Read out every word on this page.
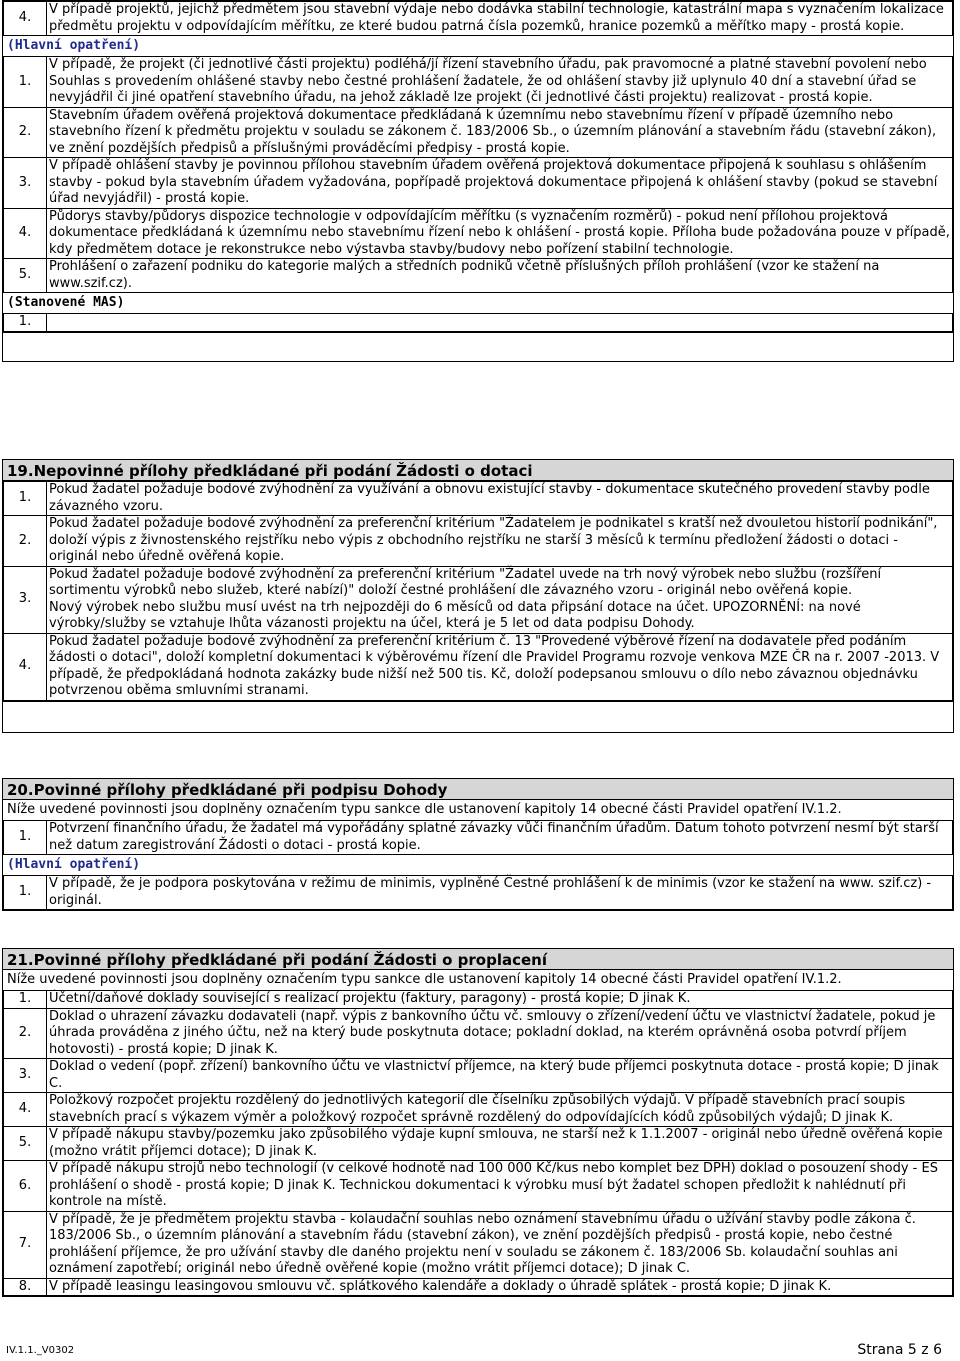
4.	V případě projektů, jejichž předmětem jsou stavební výdaje nebo dodávka stabilní technologie, katastrální mapa s vyznačením lokalizace předmětu projektu v odpovídajícím měřítku, ze které budou patrná čísla pozemků, hranice pozemků a měřítko mapy - prostá kopie.
(Hlavní opatření)
1.	V případě, že projekt (či jednotlivé části projektu) podléhá/jí řízení stavebního úřadu, pak pravomocné a platné stavební povolení nebo Souhlas s provedením ohlášené stavby nebo čestné prohlášení žadatele, že od ohlášení stavby již uplynulo 40 dní a stavební úřad se nevyjádřil či jiné opatření stavebního úřadu, na jehož základě lze projekt (či jednotlivé části projektu) realizovat - prostá kopie.
2.	Stavebním úřadem ověřená projektová dokumentace předkládaná k územnímu nebo stavebnímu řízení v případě územního nebo stavebního řízení k předmětu projektu v souladu se zákonem č. 183/2006 Sb., o územním plánování a stavebním řádu (stavební zákon), ve znění pozdějších předpisů a příslušnými prováděcími předpisy - prostá kopie.
3.	V případě ohlášení stavby je povinnou přílohou stavebním úřadem ověřená projektová dokumentace připojená k souhlasu s ohlášením stavby - pokud byla stavebním úřadem vyžadována, popřípadě projektová dokumentace připojená k ohlášení stavby (pokud se stavební úřad nevyjádřil) - prostá kopie.
4.	Půdorys stavby/půdorys dispozice technologie v odpovídajícím měřítku (s vyznačením rozměrů) - pokud není přílohou projektová dokumentace předkládaná k územnímu nebo stavebnímu řízení nebo k ohlášení - prostá kopie. Příloha bude požadována pouze v případě, kdy předmětem dotace je rekonstrukce nebo výstavba stavby/budovy nebo pořízení stabilní technologie.
5.	Prohlášení o zařazení podniku do kategorie malých a středních podniků včetně příslušných příloh prohlášení (vzor ke stažení na www.szif.cz).
(Stanovené MAS)
1.	
19.Nepovinné přílohy předkládané při podání Žádosti o dotaci
1.	Pokud žadatel požaduje bodové zvýhodnění za využívání a obnovu existující stavby - dokumentace skutečného provedení stavby podle závazného vzoru.
2.	Pokud žadatel požaduje bodové zvýhodnění za preferenční kritérium "Žadatelem je podnikatel s kratší než dvouletou historií podnikání", doloží výpis z živnostenského rejstříku nebo výpis z obchodního rejstříku ne starší 3 měsíců k termínu předložení žádosti o dotaci - originál nebo úředně ověřená kopie.
3.	Pokud žadatel požaduje bodové zvýhodnění za preferenční kritérium "Žadatel uvede na trh nový výrobek nebo službu (rozšíření sortimentu výrobků nebo služeb, které nabízí)" doloží čestné prohlášení dle závazného vzoru - originál nebo ověřená kopie.
Nový výrobek nebo službu musí uvést na trh nejpozději do 6 měsíců od data připsání dotace na účet. UPOZORNĚNÍ: na nové výrobky/služby se vztahuje lhůta vázanosti projektu na účel, která je 5 let od data podpisu Dohody.

4.	Pokud žadatel požaduje bodové zvýhodnění za preferenční kritérium č. 13 "Provedené výběrové řízení na dodavatele před podáním žádosti o dotaci", doloží kompletní dokumentaci k výběrovému řízení dle Pravidel Programu rozvoje venkova MZE ČR na r. 2007 -2013. V případě, že předpokládaná hodnota zakázky bude nižší než 500 tis. Kč, doloží podepsanou smlouvu o dílo nebo závaznou objednávku potvrzenou oběma smluvními stranami.
20.Povinné přílohy předkládané při podpisu Dohody
Níže uvedené povinnosti jsou doplněny označením typu sankce dle ustanovení kapitoly 14 obecné části Pravidel opatření IV.1.2.
1.	Potvrzení finančního úřadu, že žadatel má vypořádány splatné závazky vůči finančním úřadům. Datum tohoto potvrzení nesmí být starší než datum zaregistrování Žádosti o dotaci - prostá kopie.
(Hlavní opatření)
1.	V případě, že je podpora poskytována v režimu de minimis, vyplněné Čestné prohlášení k de minimis (vzor ke stažení na www. szif.cz) - originál.
21.Povinné přílohy předkládané při podání Žádosti o proplacení
Níže uvedené povinnosti jsou doplněny označením typu sankce dle ustanovení kapitoly 14 obecné části Pravidel opatření IV.1.2.
1.	Účetní/daňové doklady související s realizací projektu (faktury, paragony) - prostá kopie; D jinak K.
2.	Doklad o uhrazení závazku dodavateli (např. výpis z bankovního účtu vč. smlouvy o zřízení/vedení účtu ve vlastnictví žadatele, pokud je úhrada prováděna z jiného účtu, než na který bude poskytnuta dotace; pokladní doklad, na kterém oprávněná osoba potvrdí příjem hotovosti) - prostá kopie; D jinak K.
3.	Doklad o vedení (popř. zřízení) bankovního účtu ve vlastnictví příjemce, na který bude příjemci poskytnuta dotace - prostá kopie; D jinak C.
4.	Položkový rozpočet projektu rozdělený do jednotlivých kategorií dle číselníku způsobilých výdajů. V případě stavebních prací soupis stavebních prací s výkazem výměr a položkový rozpočet správně rozdělený do odpovídajících kódů způsobilých výdajů; D jinak K.
5.	V případě nákupu stavby/pozemku jako způsobilého výdaje kupní smlouva, ne starší než k 1.1.2007 - originál nebo úředně ověřená kopie (možno vrátit příjemci dotace); D jinak K.
6.	V případě nákupu strojů nebo technologií (v celkové hodnotě nad 100 000 Kč/kus nebo komplet bez DPH) doklad o posouzení shody - ES prohlášení o shodě - prostá kopie; D jinak K. Technickou dokumentaci k výrobku musí být žadatel schopen předložit k nahlédnutí při kontrole na místě.
7.	V případě, že je předmětem projektu stavba - kolaudační souhlas nebo oznámení stavebnímu úřadu o užívání stavby podle zákona č. 183/2006 Sb., o územním plánování a stavebním řádu (stavební zákon), ve znění pozdějších předpisů - prostá kopie, nebo čestné prohlášení příjemce, že pro užívání stavby dle daného projektu není v souladu se zákonem č. 183/2006 Sb. kolaudační souhlas ani oznámení zapotřebí; originál nebo úředně ověřené kopie (možno vrátit příjemci dotace); D jinak C.
8.	V případě leasingu leasingovou smlouvu vč. splátkového kalendáře a doklady o úhradě splátek - prostá kopie; D jinak K.
IV.1.1._V0302	Strana 5 z 6
